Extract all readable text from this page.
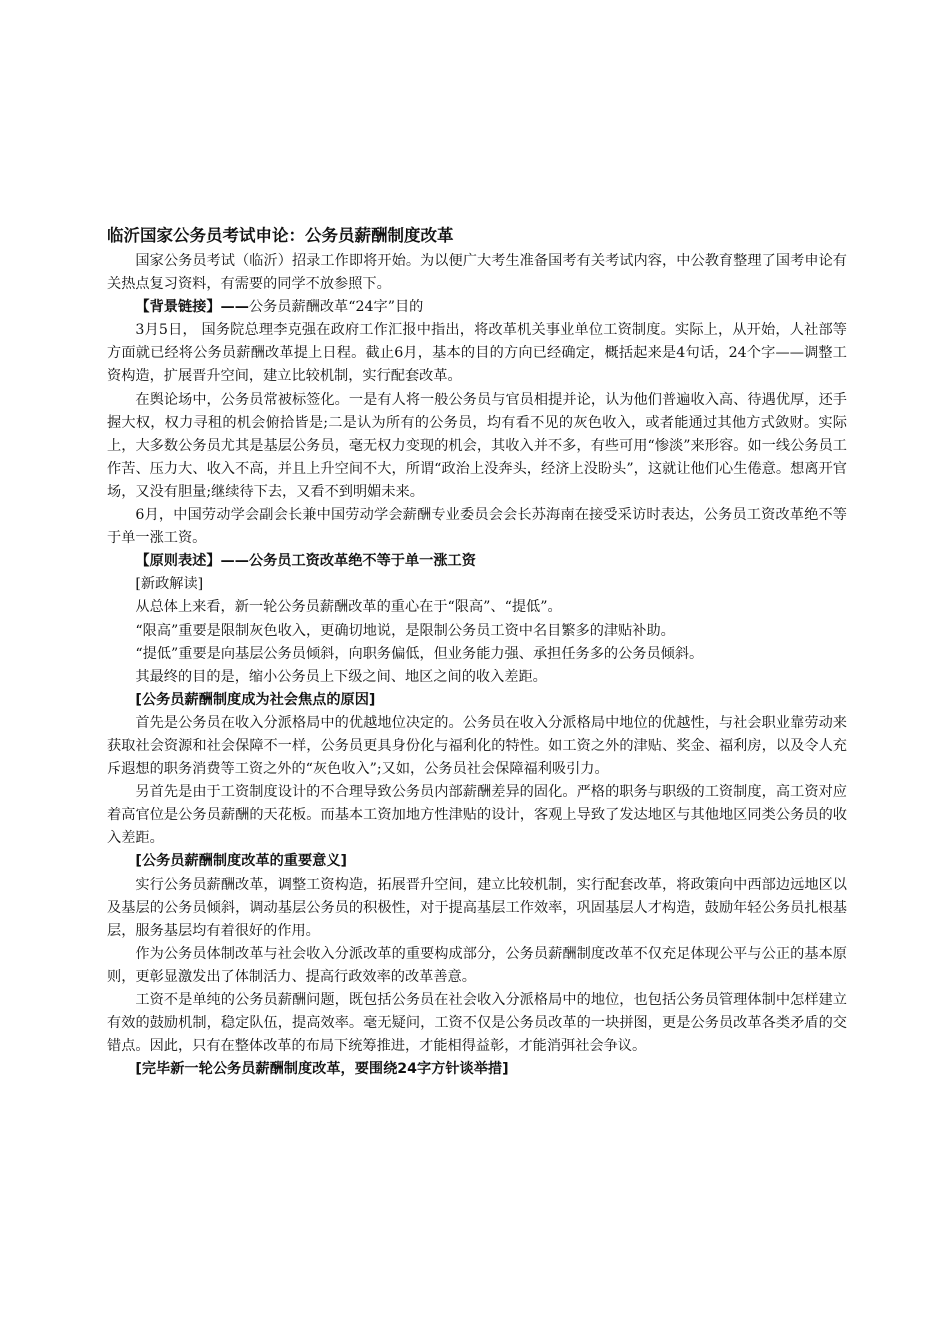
临沂国家公务员考试申论：公务员薪酬制度改革

国家公务员考试（临沂）招录工作即将开始。为以便广大考生准备国考有关考试内容，中公教育整理了国考申论有关热点复习资料，有需要的同学不放参照下。

【背景链接】——公务员薪酬改革“24字”目的

3月5日， 国务院总理李克强在政府工作汇报中指出，将改革机关事业单位工资制度。实际上，从开始，人社部等方面就已经将公务员薪酬改革提上日程。截止6月，基本的目的方向已经确定，概括起来是4句话，24个字——调整工资构造，扩展晋升空间，建立比较机制，实行配套改革。

在舆论场中，公务员常被标签化。一是有人将一般公务员与官员相提并论，认为他们普遍收入高、待遇优厚，还手握大权，权力寻租的机会俯拾皆是;二是认为所有的公务员，均有看不见的灰色收入，或者能通过其他方式敛财。实际上，大多数公务员尤其是基层公务员，毫无权力变现的机会，其收入并不多，有些可用“惨淡”来形容。如一线公务员工作苦、压力大、收入不高，并且上升空间不大，所谓“政治上没奔头，经济上没盼头”，这就让他们心生倦意。想离开官场，又没有胆量;继续待下去，又看不到明媚未来。

6月，中国劳动学会副会长兼中国劳动学会薪酬专业委员会会长苏海南在接受采访时表达，公务员工资改革绝不等于单一涨工资。

【原则表述】——公务员工资改革绝不等于单一涨工资
[新政解读]
从总体上来看，新一轮公务员薪酬改革的重心在于“限高”、“提低”。
“限高”重要是限制灰色收入，更确切地说，是限制公务员工资中名目繁多的津贴补助。
“提低”重要是向基层公务员倾斜，向职务偏低，但业务能力强、承担任务多的公务员倾斜。
其最终的目的是，缩小公务员上下级之间、地区之间的收入差距。
[公务员薪酬制度成为社会焦点的原因]

首先是公务员在收入分派格局中的优越地位决定的。公务员在收入分派格局中地位的优越性，与社会职业靠劳动来获取社会资源和社会保障不一样，公务员更具身份化与福利化的特性。如工资之外的津贴、奖金、福利房，以及令人充斥遐想的职务消费等工资之外的“灰色收入”;又如，公务员社会保障福利吸引力。

另首先是由于工资制度设计的不合理导致公务员内部薪酬差异的固化。严格的职务与职级的工资制度，高工资对应着高官位是公务员薪酬的天花板。而基本工资加地方性津贴的设计，客观上导致了发达地区与其他地区同类公务员的收入差距。

[公务员薪酬制度改革的重要意义]

实行公务员薪酬改革，调整工资构造，拓展晋升空间，建立比较机制，实行配套改革，将政策向中西部边远地区以及基层的公务员倾斜，调动基层公务员的积极性，对于提高基层工作效率，巩固基层人才构造，鼓励年轻公务员扎根基层，服务基层均有着很好的作用。

作为公务员体制改革与社会收入分派改革的重要构成部分，公务员薪酬制度改革不仅充足体现公平与公正的基本原则，更彰显激发出了体制活力、提高行政效率的改革善意。

工资不是单纯的公务员薪酬问题，既包括公务员在社会收入分派格局中的地位，也包括公务员管理体制中怎样建立有效的鼓励机制，稳定队伍，提高效率。毫无疑问，工资不仅是公务员改革的一块拼图，更是公务员改革各类矛盾的交错点。因此，只有在整体改革的布局下统筹推进，才能相得益彰，才能消弭社会争议。

[完毕新一轮公务员薪酬制度改革，要围绕24字方针谈举措]
